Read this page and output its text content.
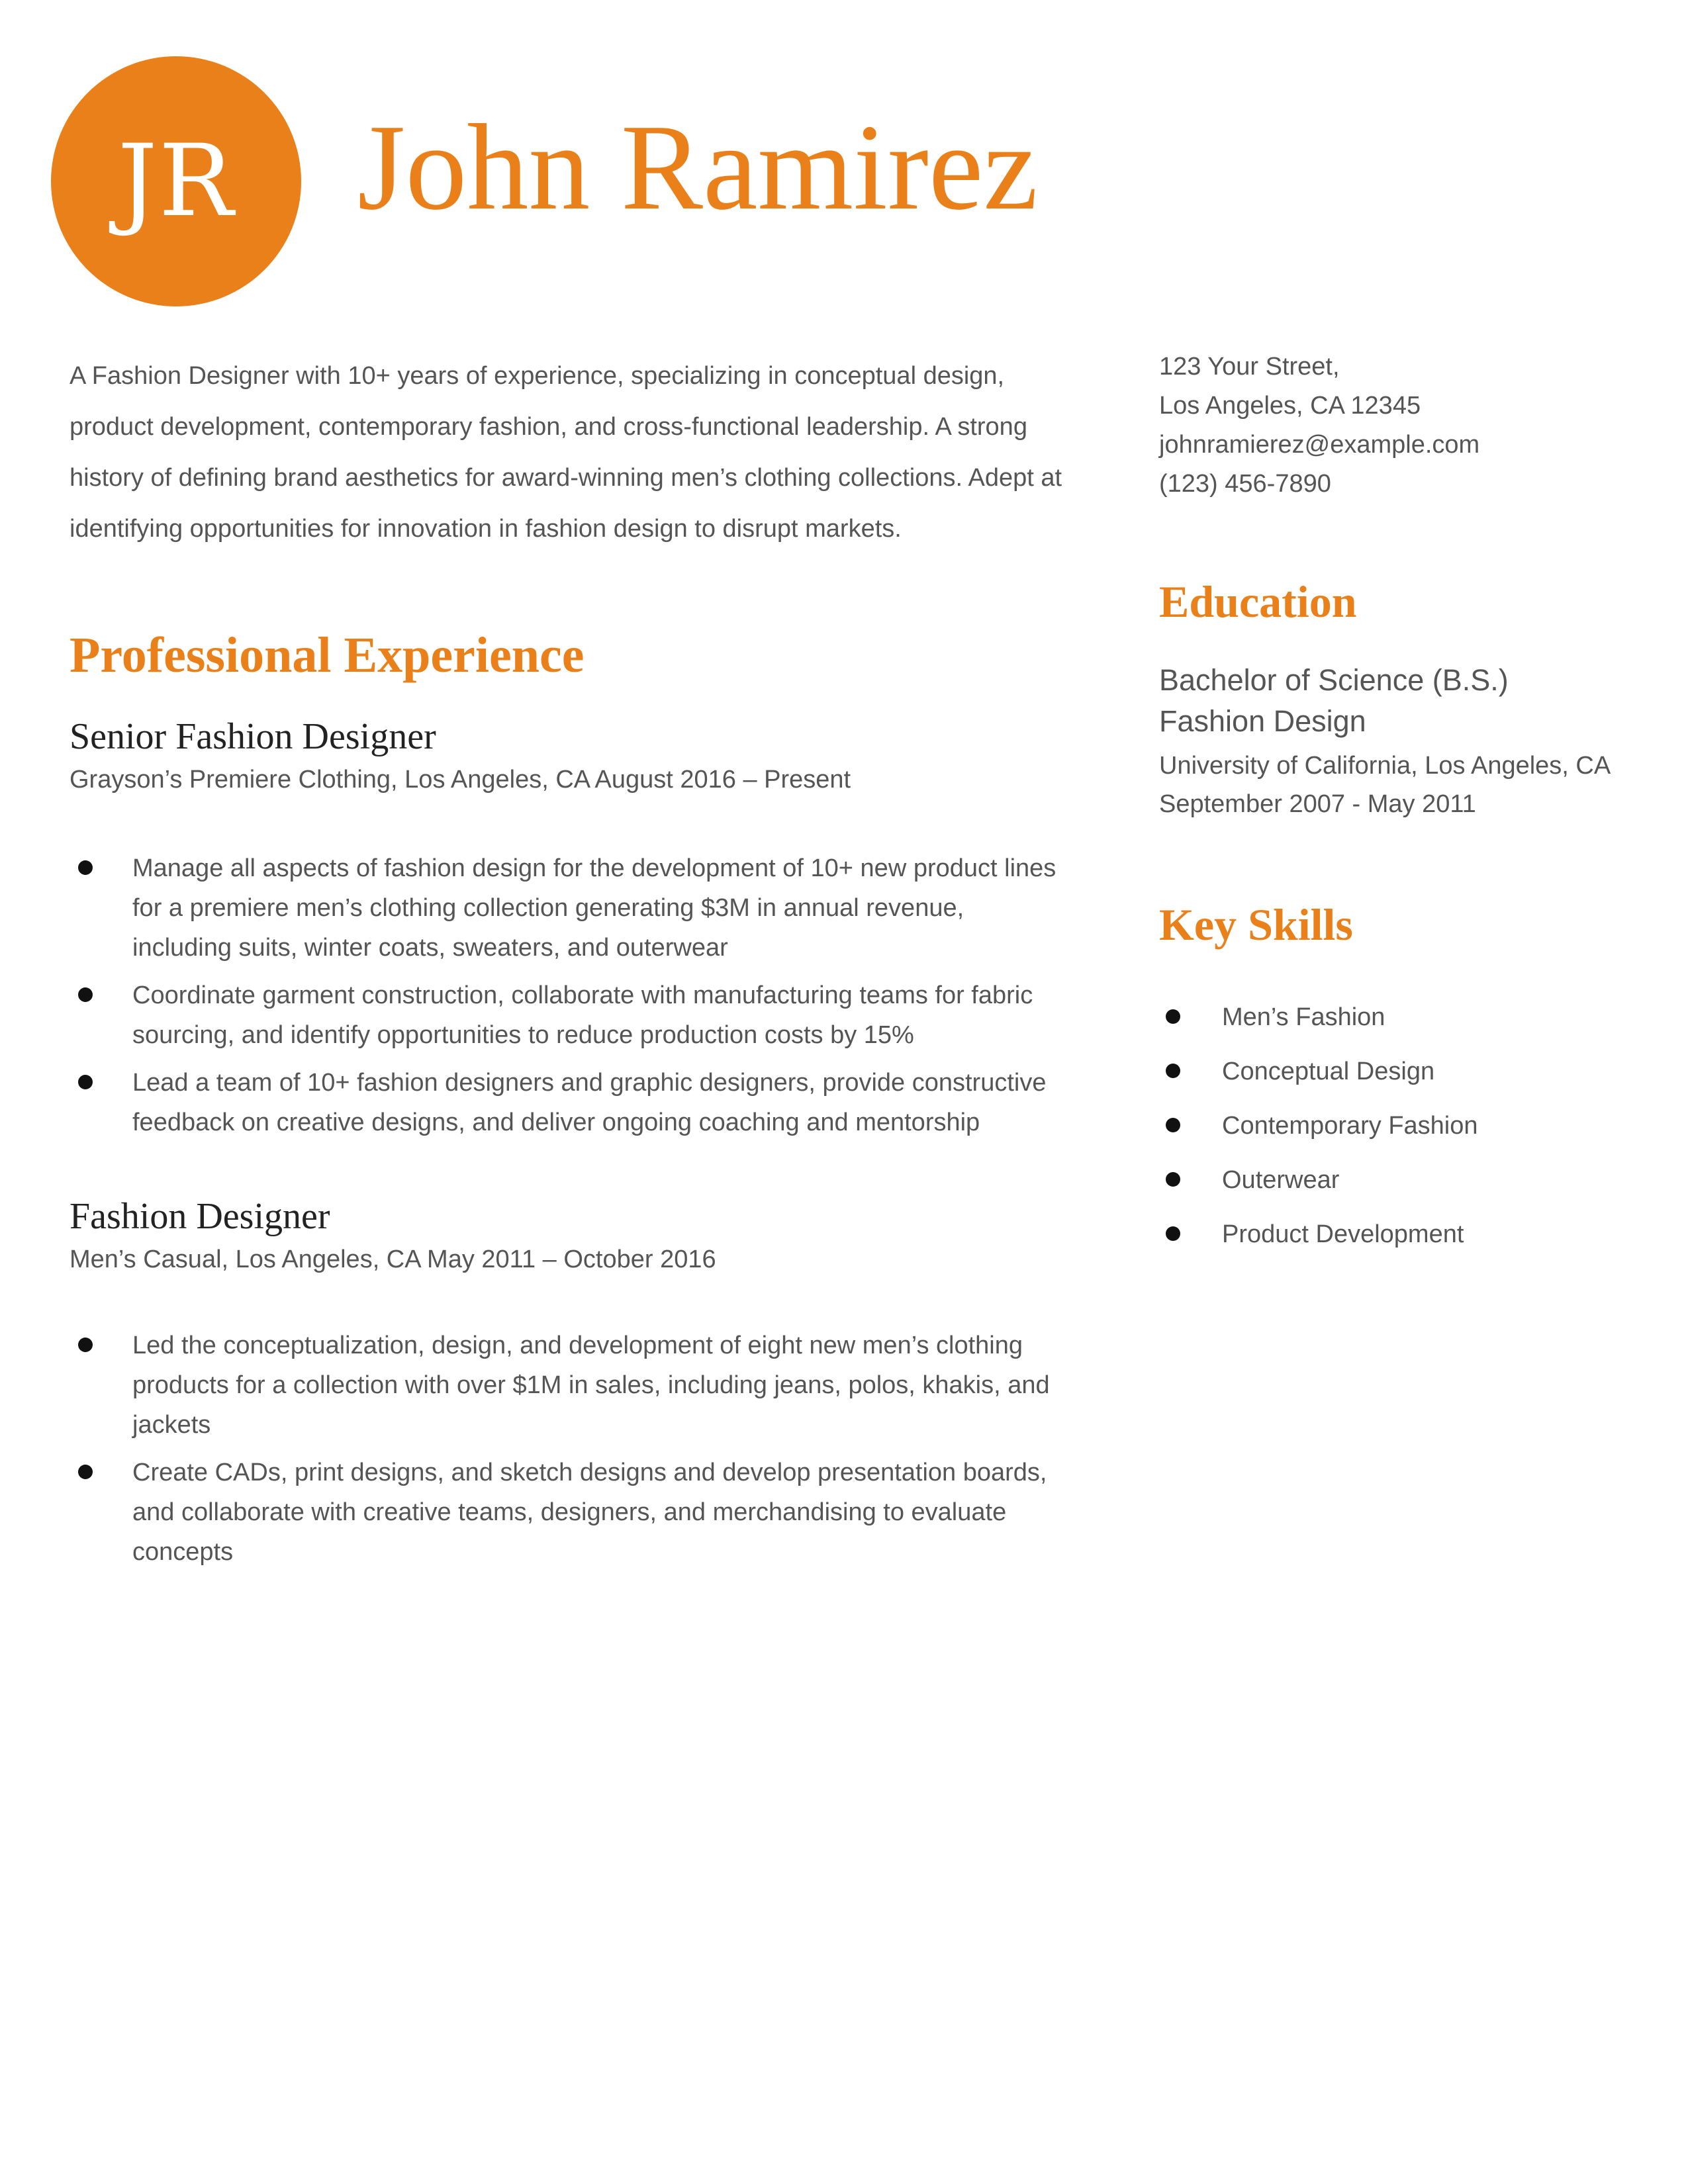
JR John Ramirez

A Fashion Designer with 10+ years of experience, specializing in conceptual design, product development, contemporary fashion, and cross-functional leadership. A strong history of defining brand aesthetics for award-winning men’s clothing collections. Adept at identifying opportunities for innovation in fashion design to disrupt markets.

Professional Experience
Senior Fashion Designer
Grayson’s Premiere Clothing, Los Angeles, CA August 2016 – Present
Manage all aspects of fashion design for the development of 10+ new product lines for a premiere men’s clothing collection generating $3M in annual revenue, including suits, winter coats, sweaters, and outerwear
Coordinate garment construction, collaborate with manufacturing teams for fabric sourcing, and identify opportunities to reduce production costs by 15%
Lead a team of 10+ fashion designers and graphic designers, provide constructive feedback on creative designs, and deliver ongoing coaching and mentorship
Fashion Designer
Men’s Casual, Los Angeles, CA May 2011 – October 2016
Led the conceptualization, design, and development of eight new men’s clothing products for a collection with over $1M in sales, including jeans, polos, khakis, and jackets
Create CADs, print designs, and sketch designs and develop presentation boards, and collaborate with creative teams, designers, and merchandising to evaluate concepts
123 Your Street,
Los Angeles, CA 12345
johnramierez@example.com
(123) 456-7890
Education
Bachelor of Science (B.S.)
Fashion Design
University of California, Los Angeles, CA
September 2007 - May 2011
Key Skills
Men’s Fashion
Conceptual Design
Contemporary Fashion
Outerwear
Product Development
